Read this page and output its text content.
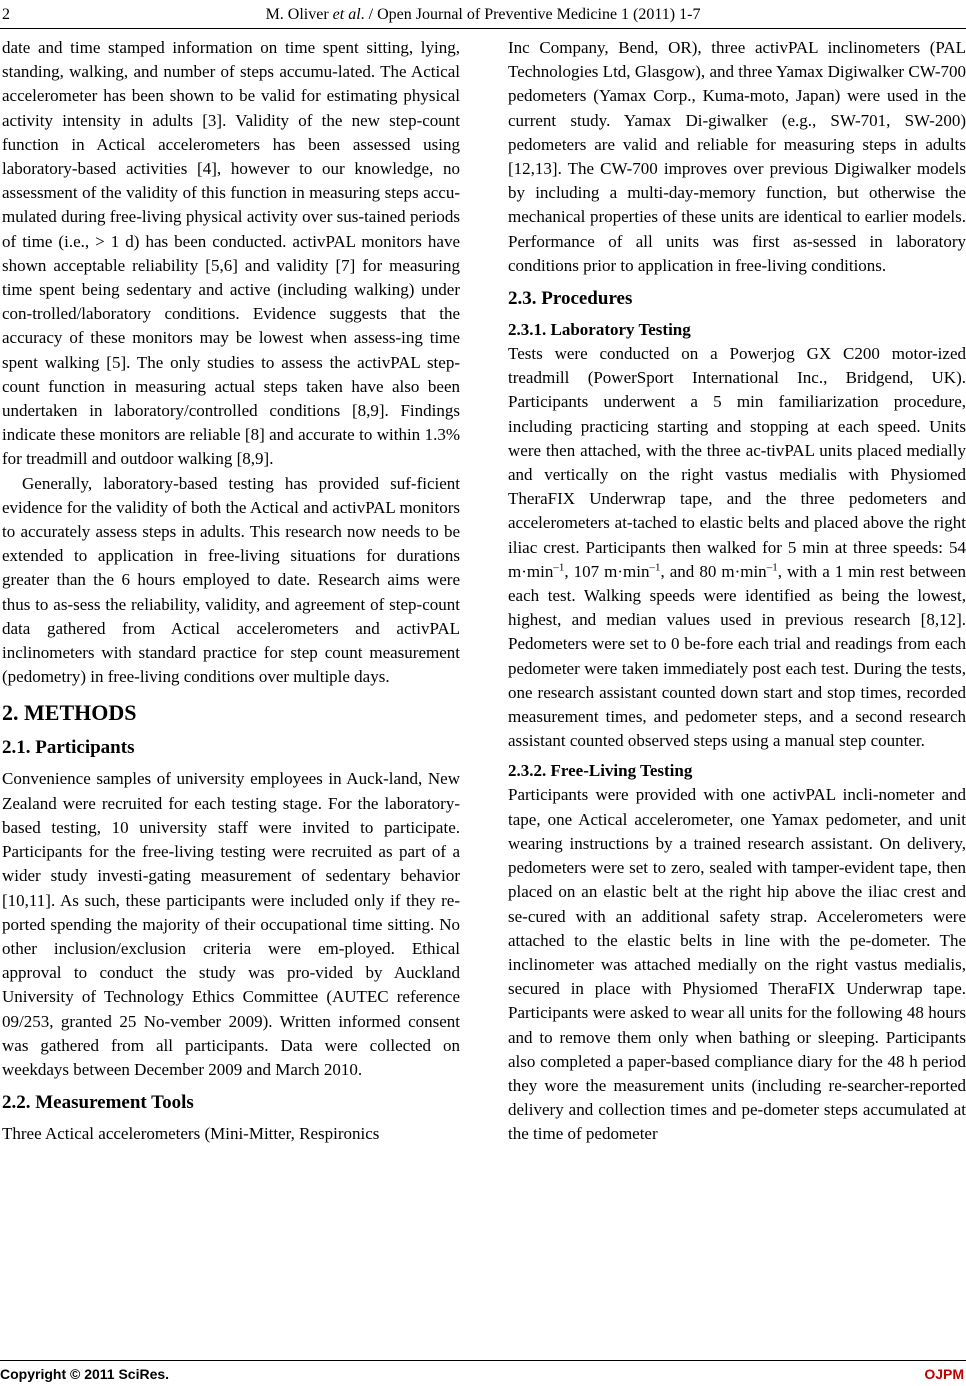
2	M. Oliver et al. / Open Journal of Preventive Medicine 1 (2011) 1-7

date and time stamped information on time spent sitting, lying, standing, walking, and number of steps accumu-lated. The Actical accelerometer has been shown to be valid for estimating physical activity intensity in adults [3]. Validity of the new step-count function in Actical accelerometers has been assessed using laboratory-based activities [4], however to our knowledge, no assessment of the validity of this function in measuring steps accu-mulated during free-living physical activity over sus-tained periods of time (i.e., > 1 d) has been conducted. activPAL monitors have shown acceptable reliability [5,6] and validity [7] for measuring time spent being sedentary and active (including walking) under con-trolled/laboratory conditions. Evidence suggests that the accuracy of these monitors may be lowest when assess-ing time spent walking [5]. The only studies to assess the activPAL step-count function in measuring actual steps taken have also been undertaken in laboratory/controlled conditions [8,9]. Findings indicate these monitors are reliable [8] and accurate to within 1.3% for treadmill and outdoor walking [8,9].

Generally, laboratory-based testing has provided suf-ficient evidence for the validity of both the Actical and activPAL monitors to accurately assess steps in adults. This research now needs to be extended to application in free-living situations for durations greater than the 6 hours employed to date. Research aims were thus to as-sess the reliability, validity, and agreement of step-count data gathered from Actical accelerometers and activPAL inclinometers with standard practice for step count measurement (pedometry) in free-living conditions over multiple days.

2. METHODS
2.1. Participants

Convenience samples of university employees in Auck-land, New Zealand were recruited for each testing stage. For the laboratory-based testing, 10 university staff were invited to participate. Participants for the free-living testing were recruited as part of a wider study investi-gating measurement of sedentary behavior [10,11]. As such, these participants were included only if they re-ported spending the majority of their occupational time sitting. No other inclusion/exclusion criteria were em-ployed. Ethical approval to conduct the study was pro-vided by Auckland University of Technology Ethics Committee (AUTEC reference 09/253, granted 25 No-vember 2009). Written informed consent was gathered from all participants. Data were collected on weekdays between December 2009 and March 2010.

2.2. Measurement Tools

Three Actical accelerometers (Mini-Mitter, Respironics

Inc Company, Bend, OR), three activPAL inclinometers (PAL Technologies Ltd, Glasgow), and three Yamax Digiwalker CW-700 pedometers (Yamax Corp., Kuma-moto, Japan) were used in the current study. Yamax Di-giwalker (e.g., SW-701, SW-200) pedometers are valid and reliable for measuring steps in adults [12,13]. The CW-700 improves over previous Digiwalker models by including a multi-day-memory function, but otherwise the mechanical properties of these units are identical to earlier models. Performance of all units was first as-sessed in laboratory conditions prior to application in free-living conditions.

2.3. Procedures
2.3.1. Laboratory Testing

Tests were conducted on a Powerjog GX C200 motor-ized treadmill (PowerSport International Inc., Bridgend, UK). Participants underwent a 5 min familiarization procedure, including practicing starting and stopping at each speed. Units were then attached, with the three ac-tivPAL units placed medially and vertically on the right vastus medialis with Physiomed TheraFIX Underwrap tape, and the three pedometers and accelerometers at-tached to elastic belts and placed above the right iliac crest. Participants then walked for 5 min at three speeds: 54 $m\cdot\min^{-1}$, 107 $m\cdot\min^{-1}$, and 80 $m\cdot\min^{-1}$, with a 1 min rest between each test. Walking speeds were identified as being the lowest, highest, and median values used in previous research [8,12]. Pedometers were set to 0 be-fore each trial and readings from each pedometer were taken immediately post each test. During the tests, one research assistant counted down start and stop times, recorded measurement times, and pedometer steps, and a second research assistant counted observed steps using a manual step counter.

2.3.2. Free-Living Testing

Participants were provided with one activPAL incli-nometer and tape, one Actical accelerometer, one Yamax pedometer, and unit wearing instructions by a trained research assistant. On delivery, pedometers were set to zero, sealed with tamper-evident tape, then placed on an elastic belt at the right hip above the iliac crest and se-cured with an additional safety strap. Accelerometers were attached to the elastic belts in line with the pe-dometer. The inclinometer was attached medially on the right vastus medialis, secured in place with Physiomed TheraFIX Underwrap tape. Participants were asked to wear all units for the following 48 hours and to remove them only when bathing or sleeping. Participants also completed a paper-based compliance diary for the 48 h period they wore the measurement units (including re-searcher-reported delivery and collection times and pe-dometer steps accumulated at the time of pedometer

Copyright © 2011 SciRes.	OJPM
